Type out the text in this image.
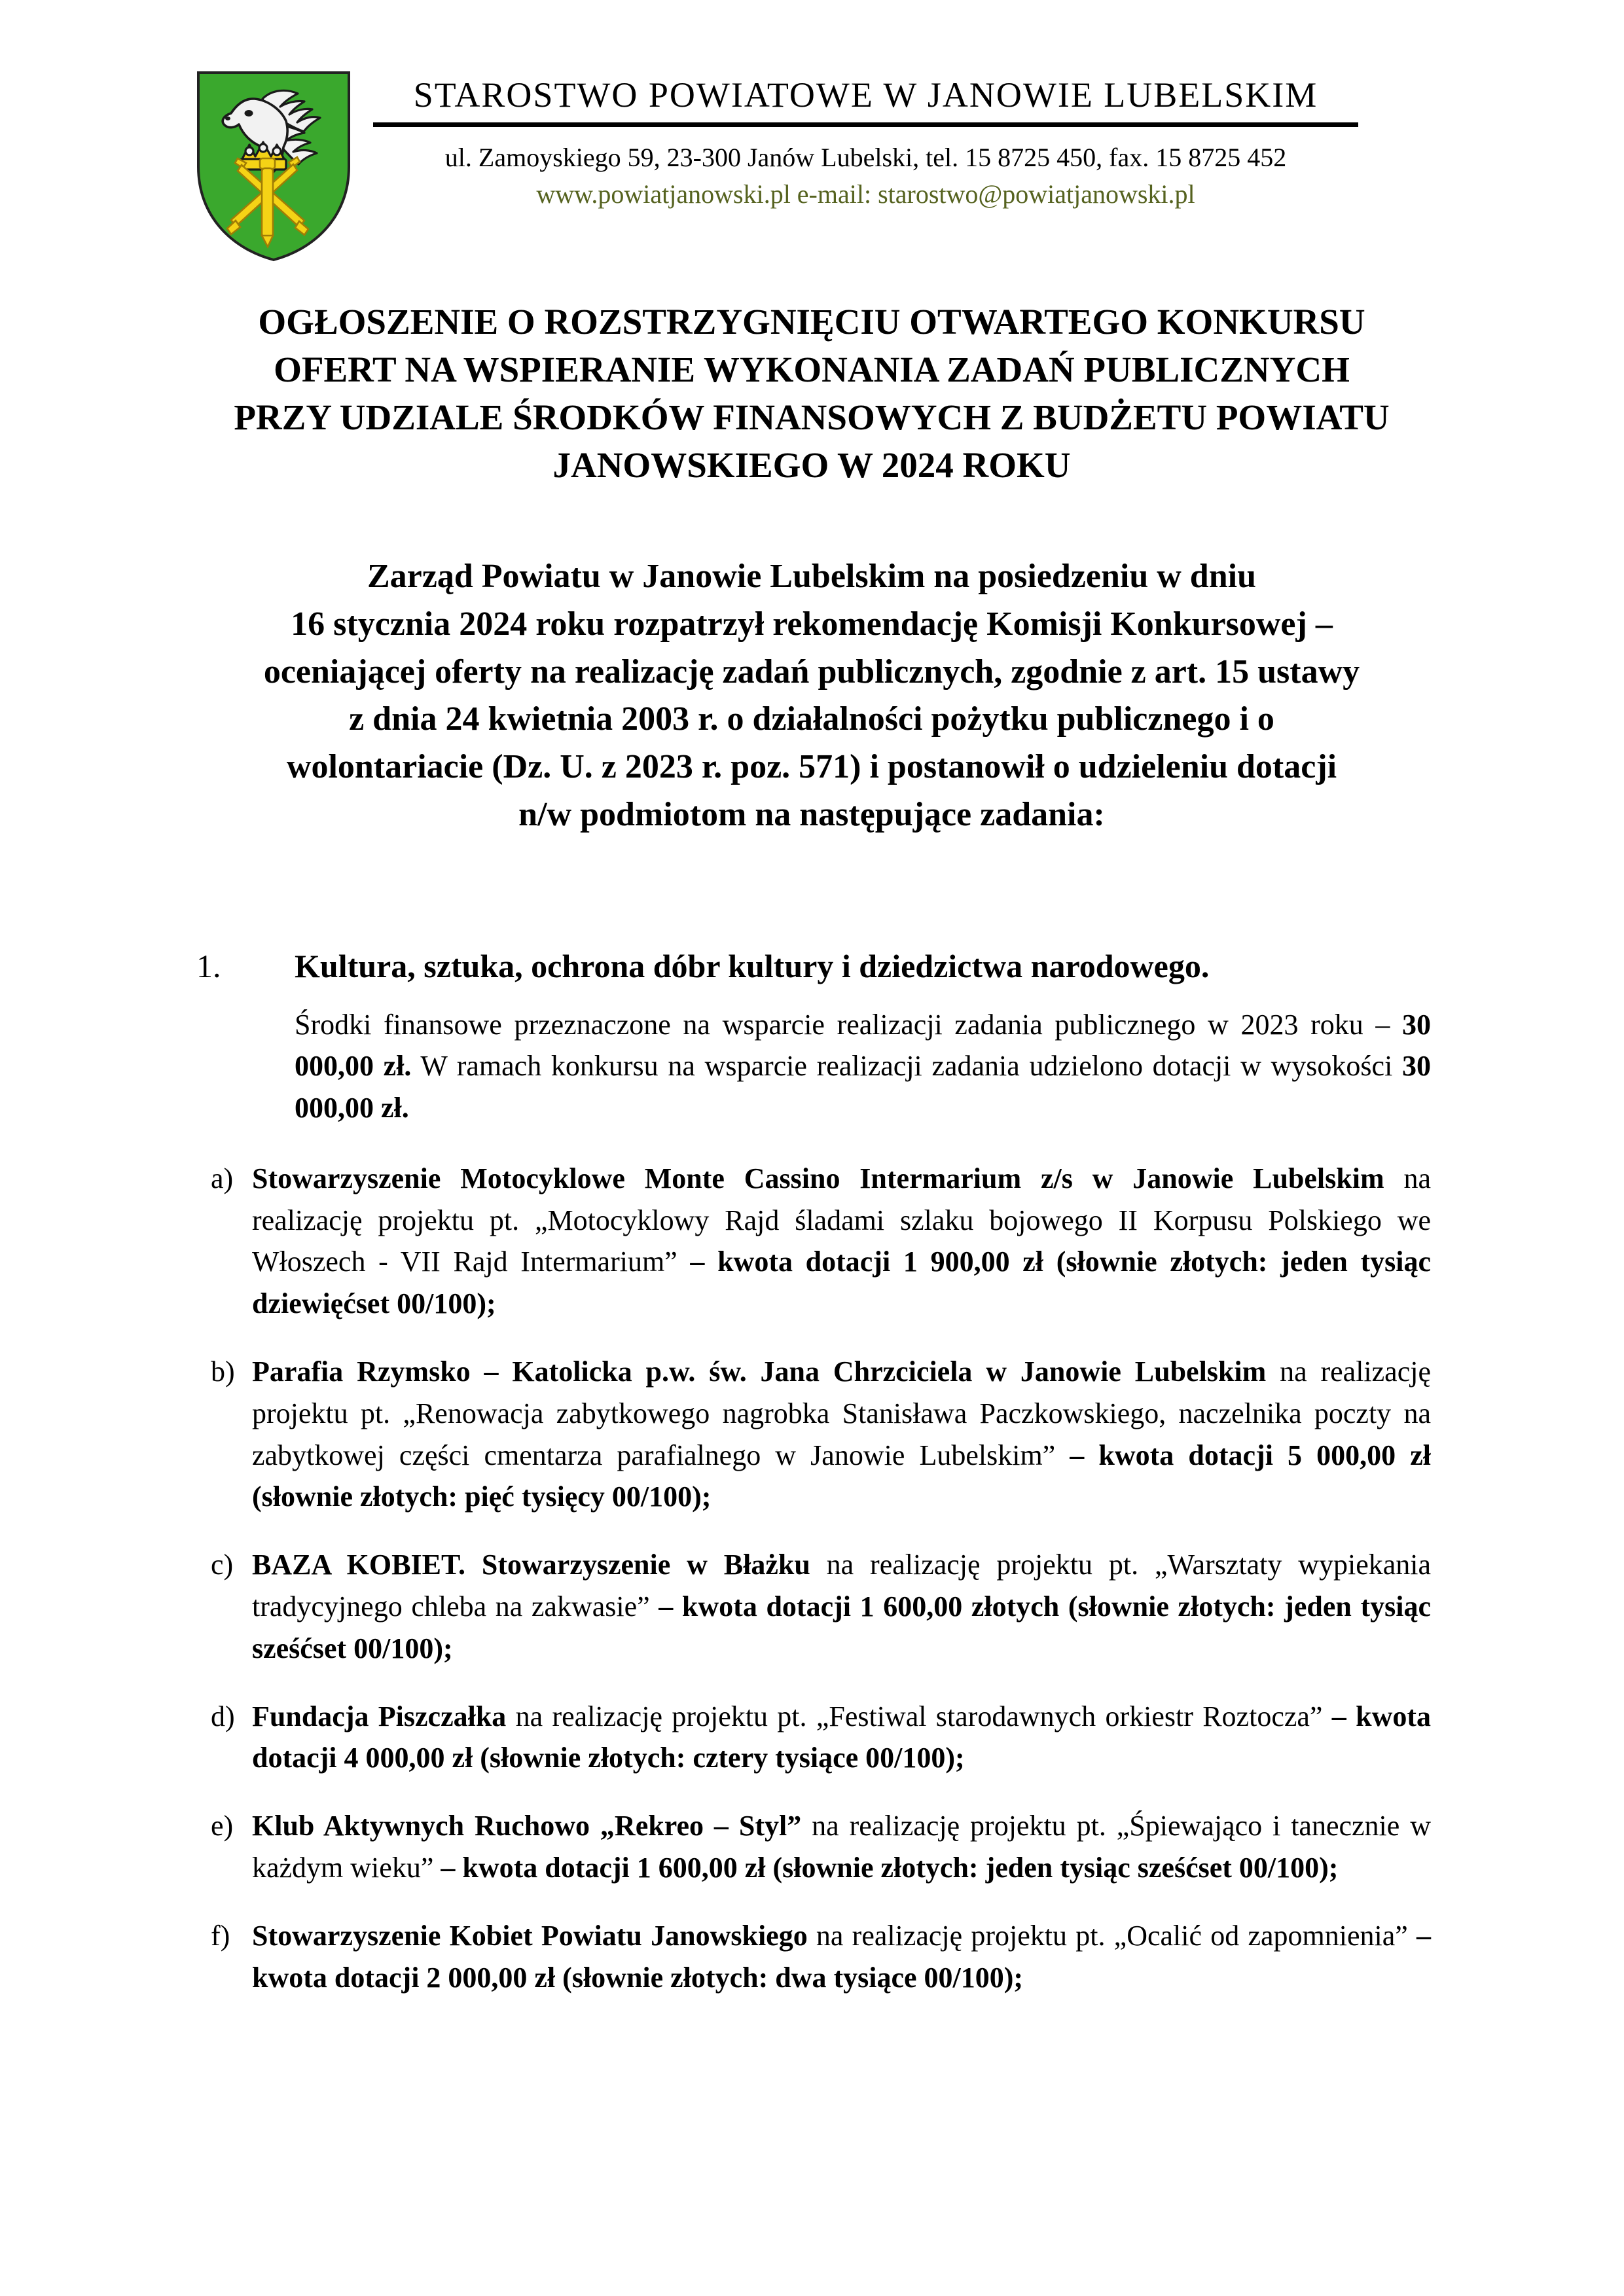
STAROSTWO POWIATOWE W JANOWIE LUBELSKIM
ul. Zamoyskiego 59, 23-300 Janów Lubelski, tel. 15 8725 450, fax. 15 8725 452
www.powiatjanowski.pl e-mail: starostwo@powiatjanowski.pl
OGŁOSZENIE O ROZSTRZYGNIĘCIU OTWARTEGO KONKURSU
OFERT NA WSPIERANIE WYKONANIA ZADAŃ PUBLICZNYCH
PRZY UDZIALE ŚRODKÓW FINANSOWYCH Z BUDŻETU POWIATU
JANOWSKIEGO W 2024 ROKU
Zarząd Powiatu w Janowie Lubelskim na posiedzeniu w dniu
16 stycznia 2024 roku rozpatrzył rekomendację Komisji Konkursowej –
oceniającej oferty na realizację zadań publicznych, zgodnie z art. 15 ustawy
z dnia 24 kwietnia 2003 r. o działalności pożytku publicznego i o
wolontariacie (Dz. U. z 2023 r. poz. 571) i postanowił o udzieleniu dotacji
n/w podmiotom na następujące zadania:
1. Kultura, sztuka, ochrona dóbr kultury i dziedzictwa narodowego.
Środki finansowe przeznaczone na wsparcie realizacji zadania publicznego w 2023 roku – 30 000,00 zł. W ramach konkursu na wsparcie realizacji zadania udzielono dotacji w wysokości 30 000,00 zł.
a) Stowarzyszenie Motocyklowe Monte Cassino Intermarium z/s w Janowie Lubelskim na realizację projektu pt. „Motocyklowy Rajd śladami szlaku bojowego II Korpusu Polskiego we Włoszech - VII Rajd Intermarium” – kwota dotacji 1 900,00 zł (słownie złotych: jeden tysiąc dziewięćset 00/100);
b) Parafia Rzymsko – Katolicka p.w. św. Jana Chrzciciela w Janowie Lubelskim na realizację projektu pt. „Renowacja zabytkowego nagrobka Stanisława Paczkowskiego, naczelnika poczty na zabytkowej części cmentarza parafialnego w Janowie Lubelskim” – kwota dotacji 5 000,00 zł (słownie złotych: pięć tysięcy 00/100);
c) BAZA KOBIET. Stowarzyszenie w Błażku na realizację projektu pt. „Warsztaty wypiekania tradycyjnego chleba na zakwasie” – kwota dotacji 1 600,00 złotych (słownie złotych: jeden tysiąc sześćset 00/100);
d) Fundacja Piszczałka na realizację projektu pt. „Festiwal starodawnych orkiestr Roztocza” – kwota dotacji 4 000,00 zł (słownie złotych: cztery tysiące 00/100);
e) Klub Aktywnych Ruchowo „Rekreo – Styl” na realizację projektu pt. „Śpiewająco i tanecznie w każdym wieku” – kwota dotacji 1 600,00 zł (słownie złotych: jeden tysiąc sześćset 00/100);
f) Stowarzyszenie Kobiet Powiatu Janowskiego na realizację projektu pt. „Ocalić od zapomnienia” – kwota dotacji 2 000,00 zł (słownie złotych: dwa tysiące 00/100);
